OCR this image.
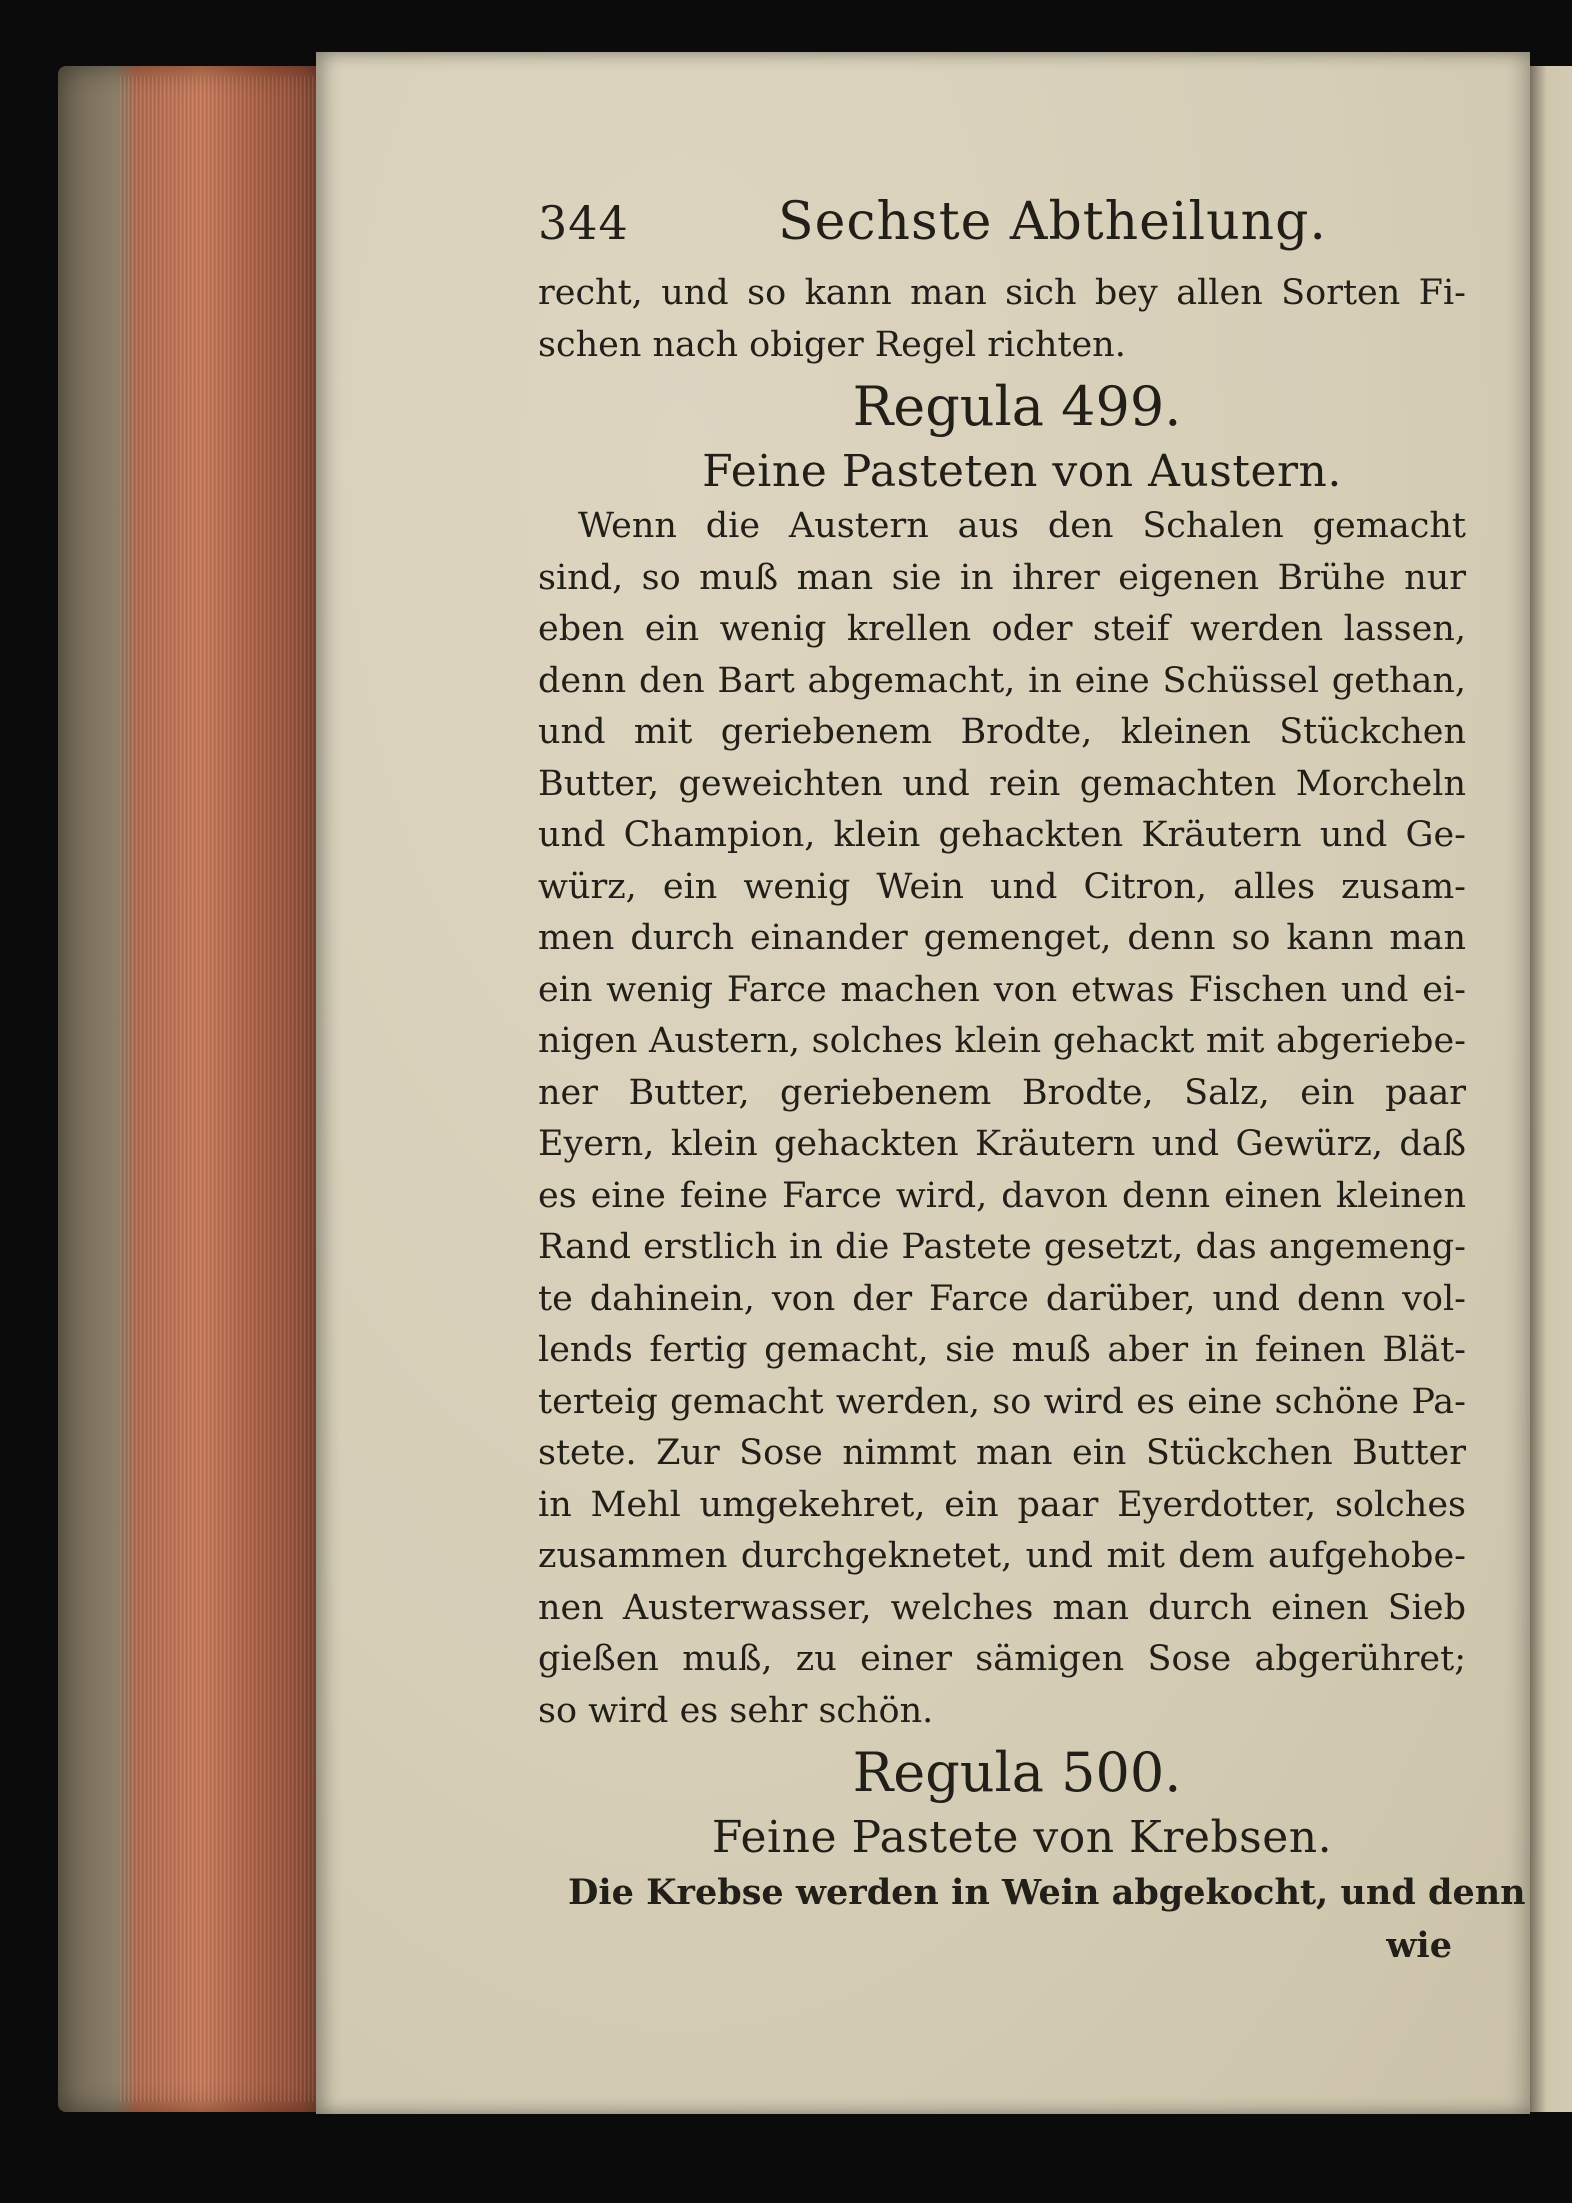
344	Sechste Abtheilung.
recht, und so kann man sich bey allen Sorten Fi-
schen nach obiger Regel richten.
Regula 499.
Feine Pasteten von Austern.
Wenn die Austern aus den Schalen gemacht
sind, so muß man sie in ihrer eigenen Brühe nur
eben ein wenig krellen oder steif werden lassen,
denn den Bart abgemacht, in eine Schüssel gethan,
und mit geriebenem Brodte, kleinen Stückchen
Butter, geweichten und rein gemachten Morcheln
und Champion, klein gehackten Kräutern und Ge-
würz, ein wenig Wein und Citron, alles zusam-
men durch einander gemenget, denn so kann man
ein wenig Farce machen von etwas Fischen und ei-
nigen Austern, solches klein gehackt mit abgeriebe-
ner Butter, geriebenem Brodte, Salz, ein paar
Eyern, klein gehackten Kräutern und Gewürz, daß
es eine feine Farce wird, davon denn einen kleinen
Rand erstlich in die Pastete gesetzt, das angemeng-
te dahinein, von der Farce darüber, und denn vol-
lends fertig gemacht, sie muß aber in feinen Blät-
terteig gemacht werden, so wird es eine schöne Pa-
stete. Zur Sose nimmt man ein Stückchen Butter
in Mehl umgekehret, ein paar Eyerdotter, solches
zusammen durchgeknetet, und mit dem aufgehobe-
nen Austerwasser, welches man durch einen Sieb
gießen muß, zu einer sämigen Sose abgerühret;
so wird es sehr schön.
Regula 500.
Feine Pastete von Krebsen.
Die Krebse werden in Wein abgekocht, und denn
wie
